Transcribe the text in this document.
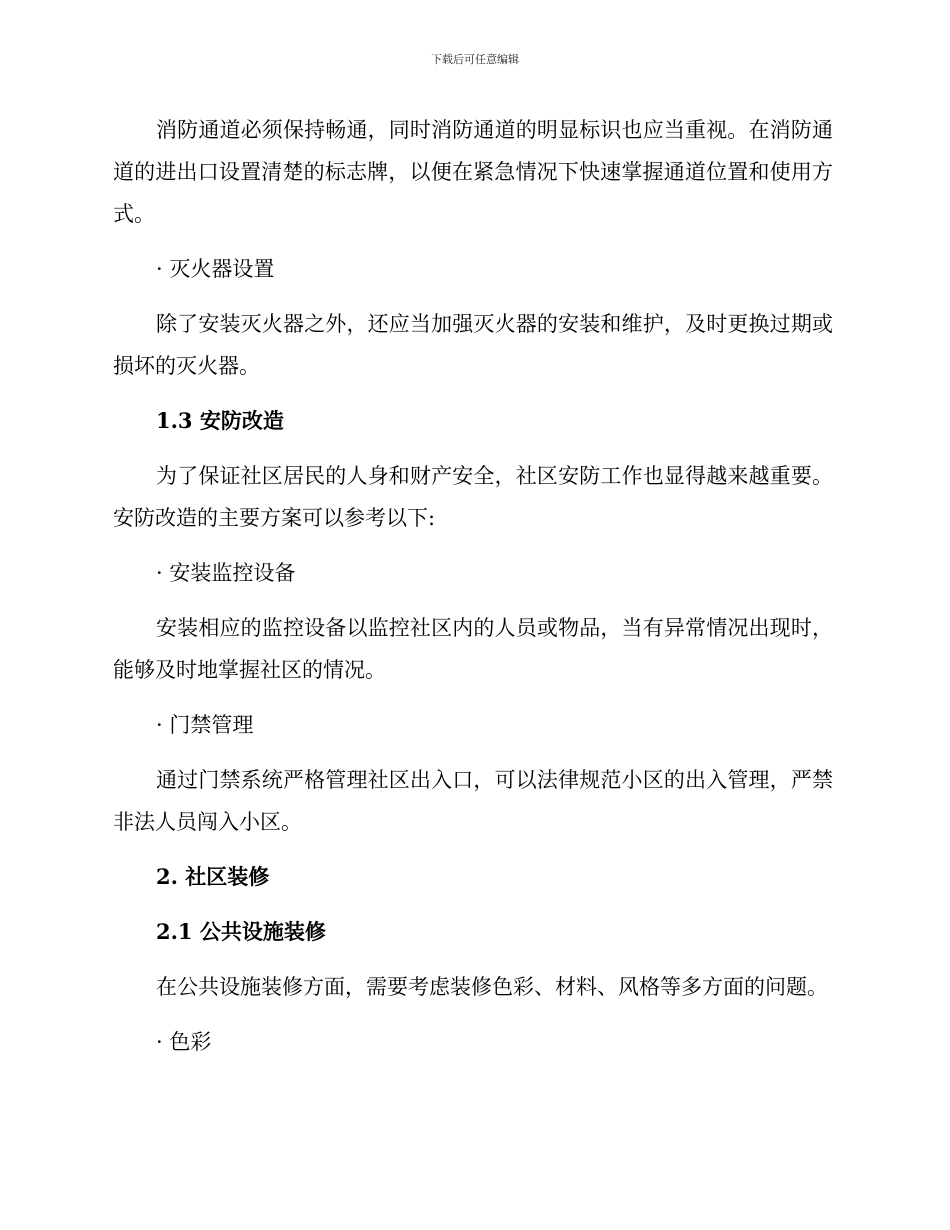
下载后可任意编辑

消防通道必须保持畅通，同时消防通道的明显标识也应当重视。在消防通道的进出口设置清楚的标志牌，以便在紧急情况下快速掌握通道位置和使用方式。

· 灭火器设置

除了安装灭火器之外，还应当加强灭火器的安装和维护，及时更换过期或损坏的灭火器。

1.3 安防改造

为了保证社区居民的人身和财产安全，社区安防工作也显得越来越重要。安防改造的主要方案可以参考以下:

· 安装监控设备

安装相应的监控设备以监控社区内的人员或物品，当有异常情况出现时，能够及时地掌握社区的情况。

· 门禁管理

通过门禁系统严格管理社区出入口，可以法律规范小区的出入管理，严禁非法人员闯入小区。

2. 社区装修

2.1 公共设施装修

在公共设施装修方面，需要考虑装修色彩、材料、风格等多方面的问题。

· 色彩
